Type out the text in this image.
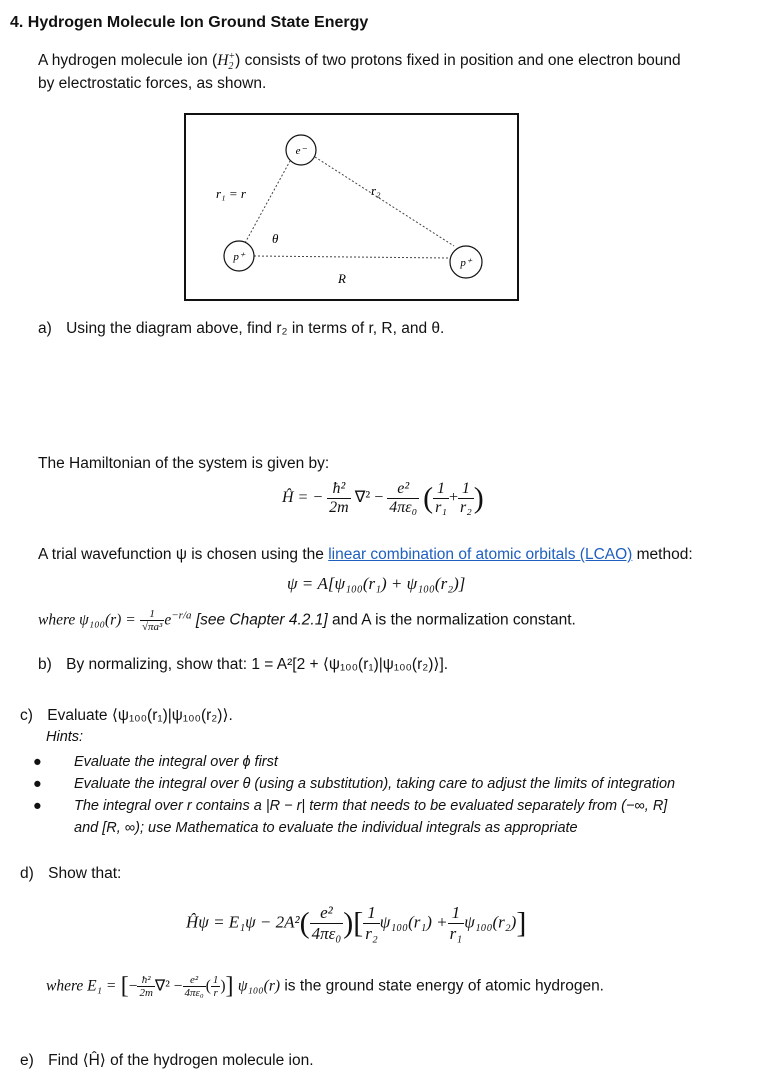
4. Hydrogen Molecule Ion Ground State Energy
A hydrogen molecule ion $(H_2^+)$ consists of two protons fixed in position and one electron bound
by electrostatic forces, as shown.
e⁻
p⁺	p⁺
r₁ = r	r₂
θ
R
a) Using the diagram above, find r₂ in terms of r, R, and θ.
The Hamiltonian of the system is given by:
Ĥ = − $\frac{\text{ħ²}}{2m} \nabla^2 - \frac{\text{e²}}{\text{4πε₀}}$ ( $\frac{1}{\text{r₁}} + \frac{1}{\text{r₂}}$ )
A trial wavefunction ψ is chosen using the linear combination of atomic orbitals (LCAO) method:
ψ = A[ψ₁₀₀(r₁) + ψ₁₀₀(r₂)]
where $\psi_{100}(r) = \frac{1}{\text{√πa³}} e^{-r/a}$ [see Chapter 4.2.1] and A is the normalization constant.
b) By normalizing, show that: 1 = A²[2 + ⟨ψ₁₀₀(r₁)|ψ₁₀₀(r₂)⟩].
c) Evaluate ⟨ψ₁₀₀(r₁)|ψ₁₀₀(r₂)⟩.
Hints:
● Evaluate the integral over ϕ first
● Evaluate the integral over θ (using a substitution), taking care to adjust the limits of integration
● The integral over r contains a |R − r| term that needs to be evaluated separately from (−∞, R]
and [R, ∞); use Mathematica to evaluate the individual integrals as appropriate
d) Show that:
Ĥψ = $E_1\psi - 2A^2( \frac{\text{e²}}{\text{4πε₀}}$ )[ $\frac{1}{\text{r₂}} \psi_{100}(r_1) + \frac{1}{\text{r₁}} \psi_{100}(r_2)$]
where E₁ = [− $\frac{\text{ħ²}}{2m} \nabla^2 - \frac{\text{e²}}{\text{4πε₀}}$ ( $\frac{1}{r}$ )] ψ₁₀₀(r) is the ground state energy of atomic hydrogen.
e) Find ⟨Ĥ⟩ of the hydrogen molecule ion.
